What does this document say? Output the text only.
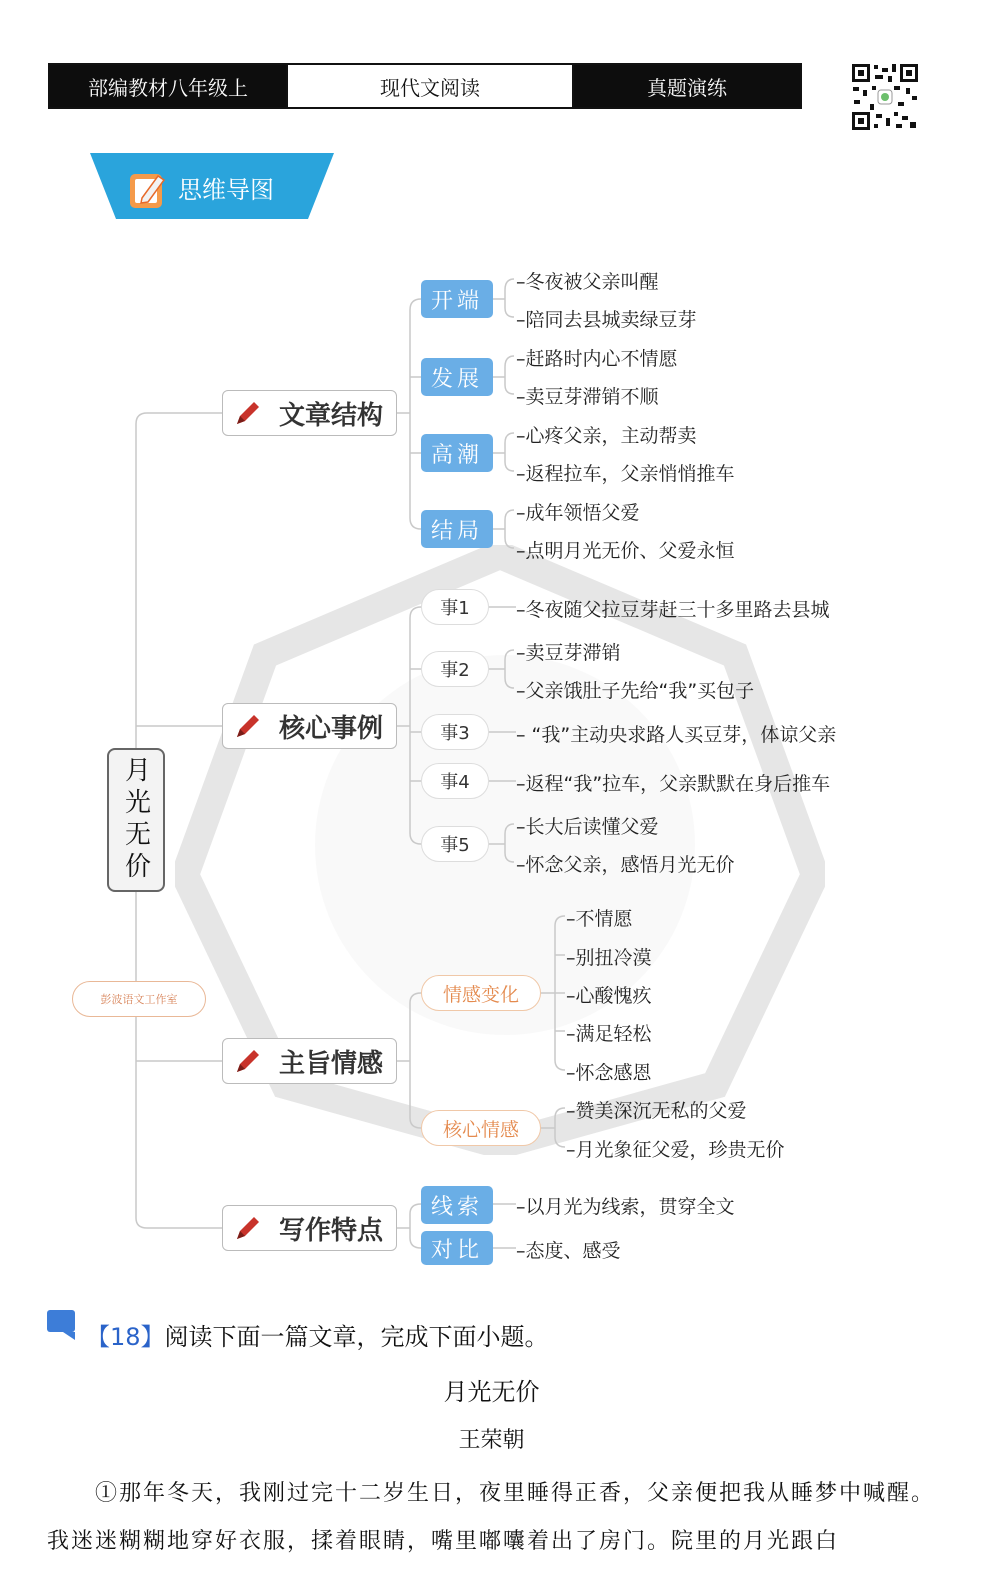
部编教材八年级上	现代文阅读	真题演练
思维导图
月光无价
彭波语文工作室
文章结构
开端
发展
高潮
结局
–冬夜被父亲叫醒
–陪同去县城卖绿豆芽
–赶路时内心不情愿
–卖豆芽滞销不顺
–心疼父亲，主动帮卖
–返程拉车，父亲悄悄推车
–成年领悟父爱
–点明月光无价、父爱永恒
核心事例
事1
事2
事3
事4
事5
–冬夜随父拉豆芽赶三十多里路去县城
–卖豆芽滞销
–父亲饿肚子先给“我”买包子
– “我”主动央求路人买豆芽，体谅父亲
–返程“我”拉车，父亲默默在身后推车
–长大后读懂父爱
–怀念父亲，感悟月光无价
主旨情感
情感变化
核心情感
–不情愿
–别扭冷漠
–心酸愧疚
–满足轻松
–怀念感恩
–赞美深沉无私的父爱
–月光象征父爱，珍贵无价
写作特点
线索
对比
–以月光为线索，贯穿全文
–态度、感受
【18】阅读下面一篇文章，完成下面小题。
月光无价
王荣朝
①那年冬天，我刚过完十二岁生日，夜里睡得正香，父亲便把我从睡梦中喊醒。我迷迷糊糊地穿好衣服，揉着眼睛，嘴里嘟囔着出了房门。院里的月光跟白
